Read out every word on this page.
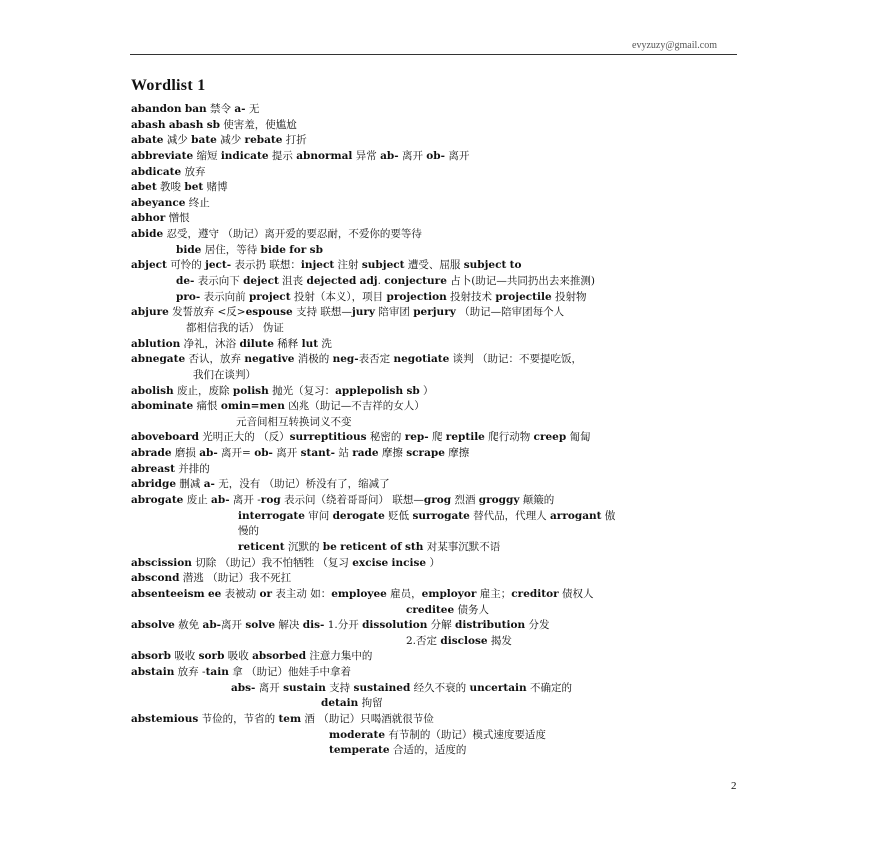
evyzuzy@gmail.com
Wordlist 1
abandon ban 禁令 a- 无
abash abash sb 使害羞，使尴尬
abate 减少 bate 减少 rebate 打折
abbreviate 缩短 indicate 提示 abnormal 异常 ab- 离开 ob- 离开
abdicate 放弃
abet 教唆 bet 赌博
abeyance 终止
abhor 憎恨
abide 忍受，遵守 （助记）离开爱的要忍耐，不爱你的要等待
bide 居住，等待 bide for sb
abject 可怜的 ject- 表示扔 联想：inject 注射 subject 遭受、屈服 subject to
de- 表示向下 deject 沮丧 dejected adj. conjecture 占卜(助记—共同扔出去来推测)
pro- 表示向前 project 投射（本义），项目 projection 投射技术 projectile 投射物
abjure 发誓放弃 <反>espouse 支持 联想—jury 陪审团 perjury （助记—陪审团每个人
都相信我的话） 伪证
ablution 净礼，沐浴 dilute 稀释 lut 洗
abnegate 否认，放弃 negative 消极的 neg-表否定 negotiate 谈判 （助记：不要提吃饭，
我们在谈判）
abolish 废止，废除 polish 抛光（复习：applepolish sb ）
abominate 痛恨 omin=men 凶兆（助记—不吉祥的女人）
元音间相互转换词义不变
aboveboard 光明正大的 （反）surreptitious 秘密的 rep- 爬 reptile 爬行动物 creep 匍匐
abrade 磨损 ab- 离开= ob- 离开 stant- 站 rade 摩擦 scrape 摩擦
abreast 并排的
abridge 删减 a- 无，没有 （助记）桥没有了，缩减了
abrogate 废止 ab- 离开 -rog 表示问（绕着哥哥问） 联想—grog 烈酒 groggy 颠簸的
interrogate 审问 derogate 贬低 surrogate 替代品，代理人 arrogant 傲
慢的
reticent 沉默的 be reticent of sth 对某事沉默不语
abscission 切除 （助记）我不怕牺牲 （复习 excise incise ）
abscond 潜逃 （助记）我不死扛
absenteeism ee 表被动 or 表主动 如：employee 雇员，employor 雇主；creditor 债权人
creditee 债务人
absolve 赦免 ab-离开 solve 解决 dis- 1.分开 dissolution 分解 distribution 分发
2.否定 disclose 揭发
absorb 吸收 sorb 吸收 absorbed 注意力集中的
abstain 放弃 -tain 拿 （助记）他娃手中拿着
abs- 离开 sustain 支持 sustained 经久不衰的 uncertain 不确定的
detain 拘留
abstemious 节俭的，节省的 tem 酒 （助记）只喝酒就很节俭
moderate 有节制的（助记）模式速度要适度
temperate 合适的，适度的
2
